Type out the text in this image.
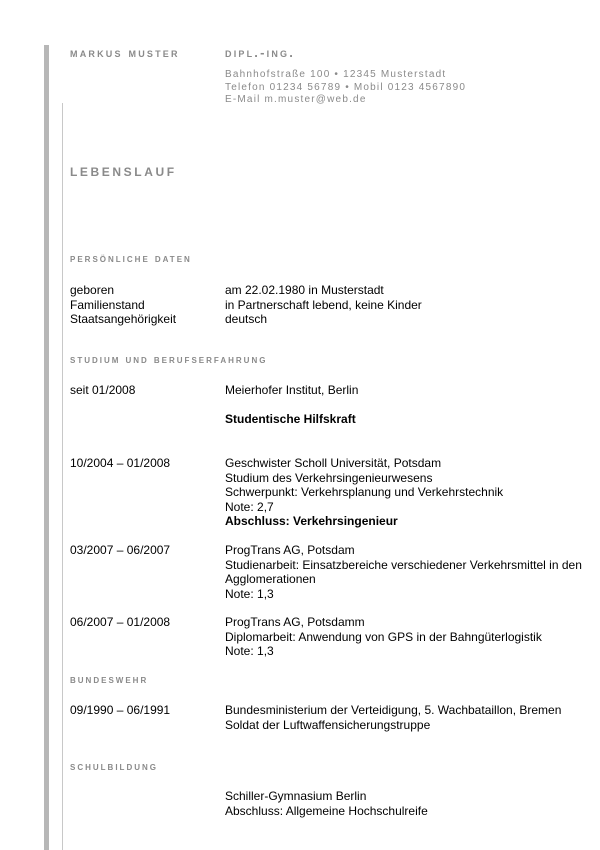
markus muster	dipl.-ing.
Bahnhofstraße 100 • 12345 Musterstadt
Telefon 01234 56789 • Mobil 0123 4567890
E-Mail m.muster@web.de
lebenslauf
persönliche daten
geboren	am 22.02.1980 in Musterstadt
Familienstand	in Partnerschaft lebend, keine Kinder
Staatsangehörigkeit	deutsch
studium und berufserfahrung
seit 01/2008	Meierhofer Institut, Berlin
Studentische Hilfskraft
10/2004 – 01/2008	Geschwister Scholl Universität, Potsdam
Studium des Verkehrsingenieurwesens
Schwerpunkt: Verkehrsplanung und Verkehrstechnik
Note: 2,7
Abschluss: Verkehrsingenieur
03/2007 – 06/2007	ProgTrans AG, Potsdam
Studienarbeit: Einsatzbereiche verschiedener Verkehrsmittel in den Agglomerationen
Note: 1,3
06/2007 – 01/2008	ProgTrans AG, Potsdamm
Diplomarbeit: Anwendung von GPS in der Bahngüterlogistik
Note: 1,3
bundeswehr
09/1990 – 06/1991	Bundesministerium der Verteidigung, 5. Wachbataillon, Bremen
Soldat der Luftwaffensicherungstruppe
schulbildung
Schiller-Gymnasium Berlin
Abschluss: Allgemeine Hochschulreife
